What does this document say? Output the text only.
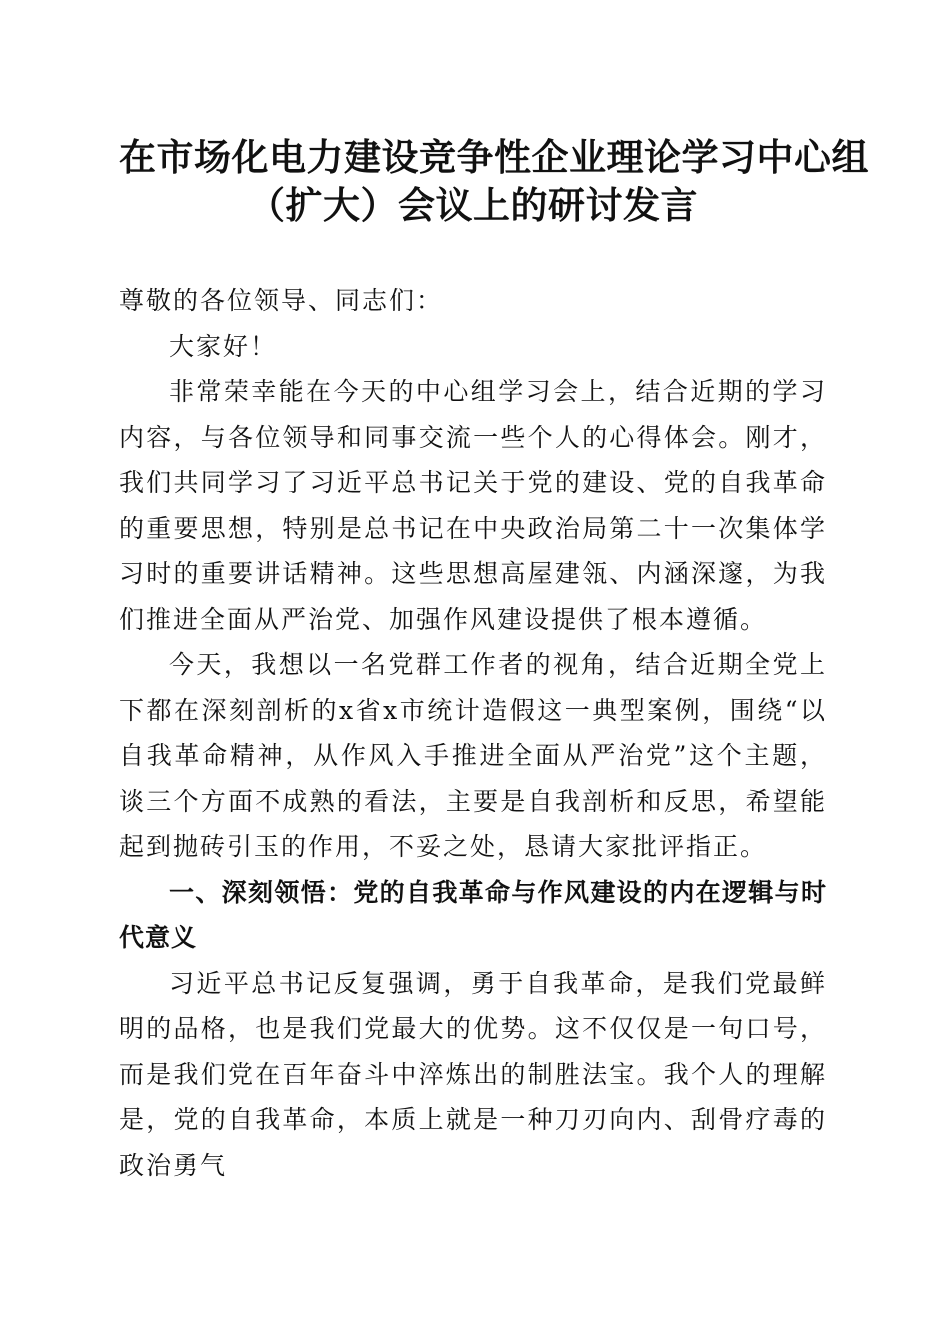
在市场化电力建设竞争性企业理论学习中心组
（扩大）会议上的研讨发言

尊敬的各位领导、同志们：

大家好！

非常荣幸能在今天的中心组学习会上，结合近期的学习内容，与各位领导和同事交流一些个人的心得体会。刚才，我们共同学习了习近平总书记关于党的建设、党的自我革命的重要思想，特别是总书记在中央政治局第二十一次集体学习时的重要讲话精神。这些思想高屋建瓴、内涵深邃，为我们推进全面从严治党、加强作风建设提供了根本遵循。

今天，我想以一名党群工作者的视角，结合近期全党上下都在深刻剖析的x省x市统计造假这一典型案例，围绕“以自我革命精神，从作风入手推进全面从严治党”这个主题，谈三个方面不成熟的看法，主要是自我剖析和反思，希望能起到抛砖引玉的作用，不妥之处，恳请大家批评指正。

一、深刻领悟：党的自我革命与作风建设的内在逻辑与时代意义

习近平总书记反复强调，勇于自我革命，是我们党最鲜明的品格，也是我们党最大的优势。这不仅仅是一句口号，而是我们党在百年奋斗中淬炼出的制胜法宝。我个人的理解是，党的自我革命，本质上就是一种刀刃向内、刮骨疗毒的政治勇气
